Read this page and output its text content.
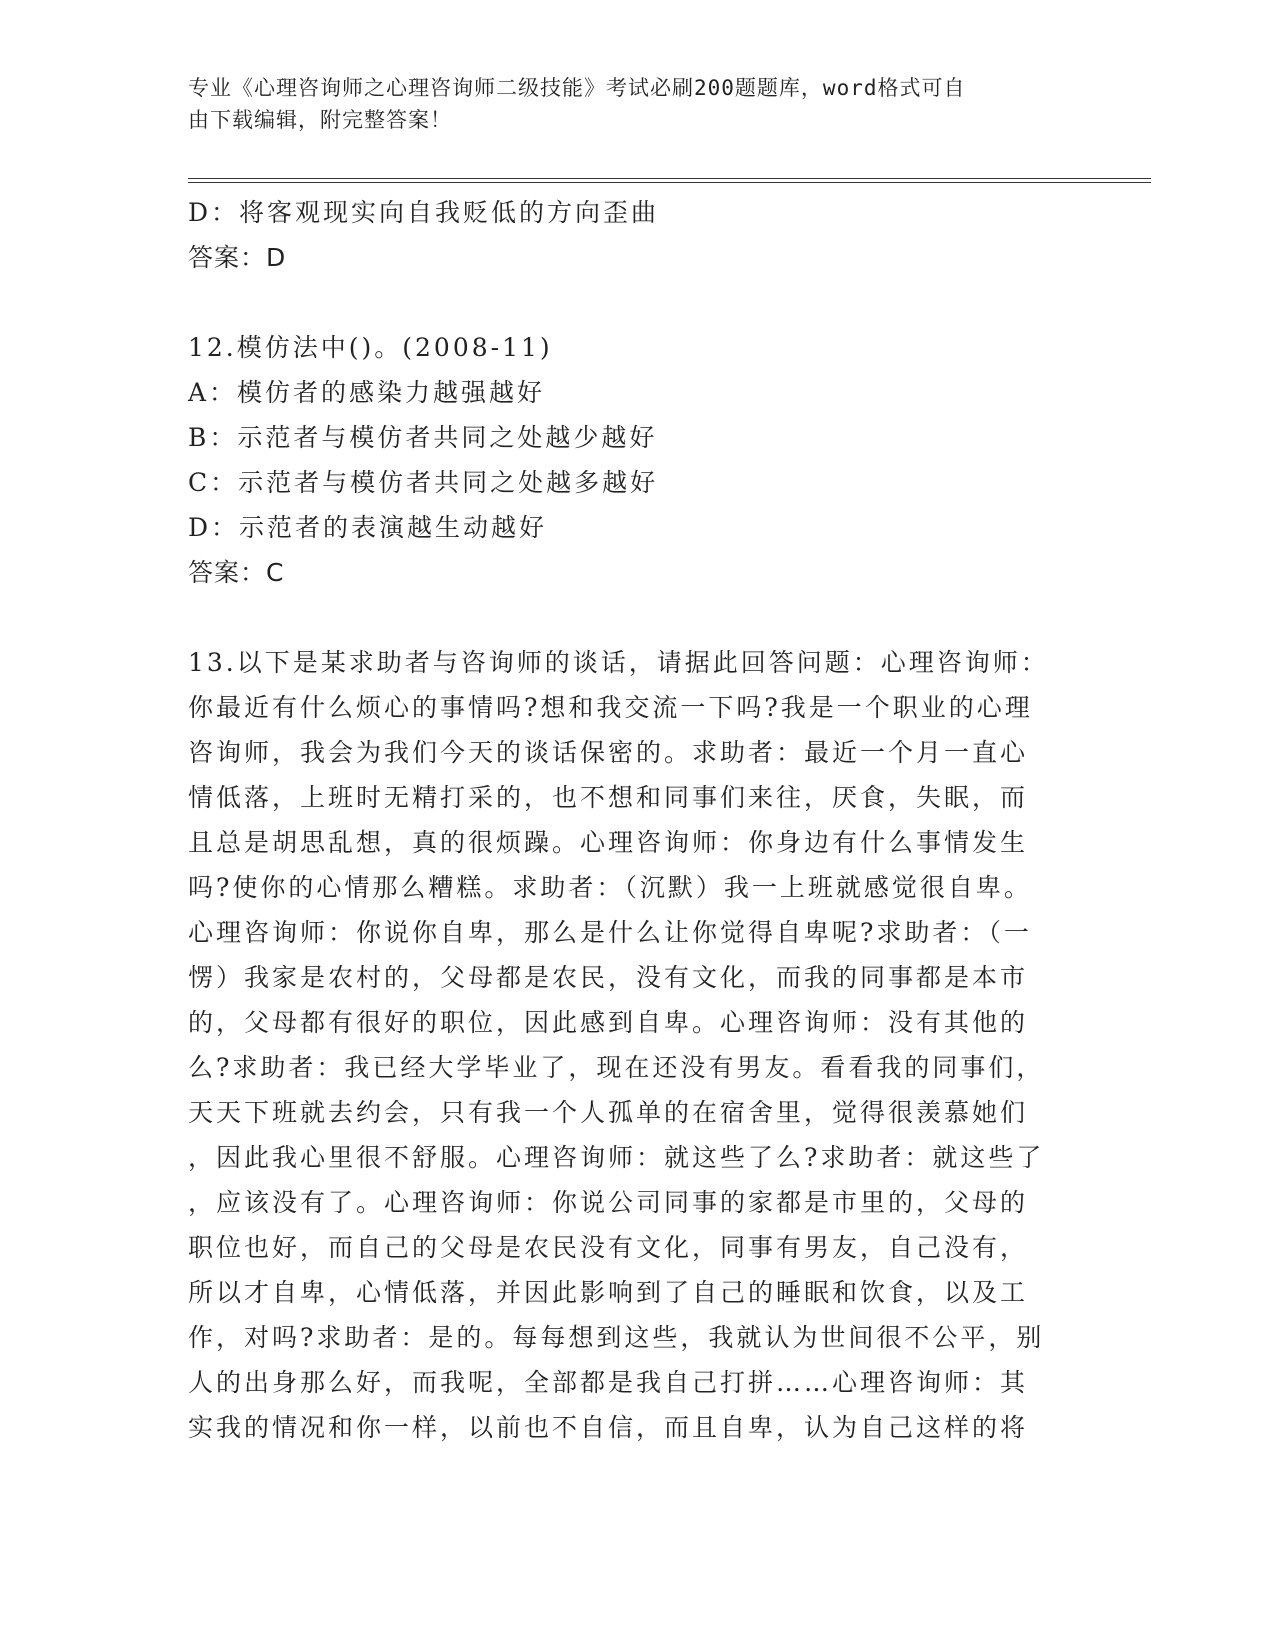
专业《心理咨询师之心理咨询师二级技能》考试必刷200题题库，word格式可自
由下载编辑，附完整答案！
D：将客观现实向自我贬低的方向歪曲
答案：D
12.模仿法中()。(2008-11)
A：模仿者的感染力越强越好
B：示范者与模仿者共同之处越少越好
C：示范者与模仿者共同之处越多越好
D：示范者的表演越生动越好
答案：C
13.以下是某求助者与咨询师的谈话，请据此回答问题：心理咨询师：
你最近有什么烦心的事情吗?想和我交流一下吗?我是一个职业的心理
咨询师，我会为我们今天的谈话保密的。求助者：最近一个月一直心
情低落，上班时无精打采的，也不想和同事们来往，厌食，失眠，而
且总是胡思乱想，真的很烦躁。心理咨询师：你身边有什么事情发生
吗?使你的心情那么糟糕。求助者：（沉默）我一上班就感觉很自卑。
心理咨询师：你说你自卑，那么是什么让你觉得自卑呢?求助者：（一
愣）我家是农村的，父母都是农民，没有文化，而我的同事都是本市
的，父母都有很好的职位，因此感到自卑。心理咨询师：没有其他的
么?求助者：我已经大学毕业了，现在还没有男友。看看我的同事们，
天天下班就去约会，只有我一个人孤单的在宿舍里，觉得很羡慕她们
，因此我心里很不舒服。心理咨询师：就这些了么?求助者：就这些了
，应该没有了。心理咨询师：你说公司同事的家都是市里的，父母的
职位也好，而自己的父母是农民没有文化，同事有男友，自己没有，
所以才自卑，心情低落，并因此影响到了自己的睡眠和饮食，以及工
作，对吗?求助者：是的。每每想到这些，我就认为世间很不公平，别
人的出身那么好，而我呢，全部都是我自己打拼……心理咨询师：其
实我的情况和你一样，以前也不自信，而且自卑，认为自己这样的将
